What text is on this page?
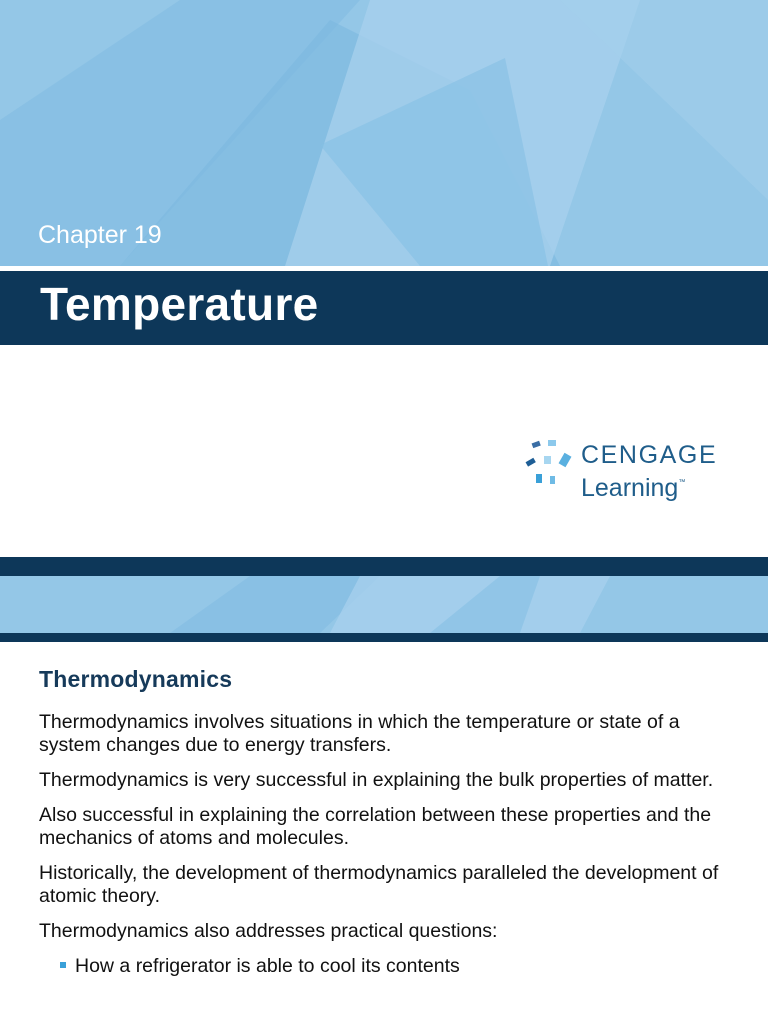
Chapter 19
Temperature
CENGAGE
Learning™
Thermodynamics

Thermodynamics involves situations in which the temperature or state of a system changes due to energy transfers.

Thermodynamics is very successful in explaining the bulk properties of matter.

Also successful in explaining the correlation between these properties and the mechanics of atoms and molecules.

Historically, the development of thermodynamics paralleled the development of atomic theory.

Thermodynamics also addresses practical questions:

How a refrigerator is able to cool its contents
